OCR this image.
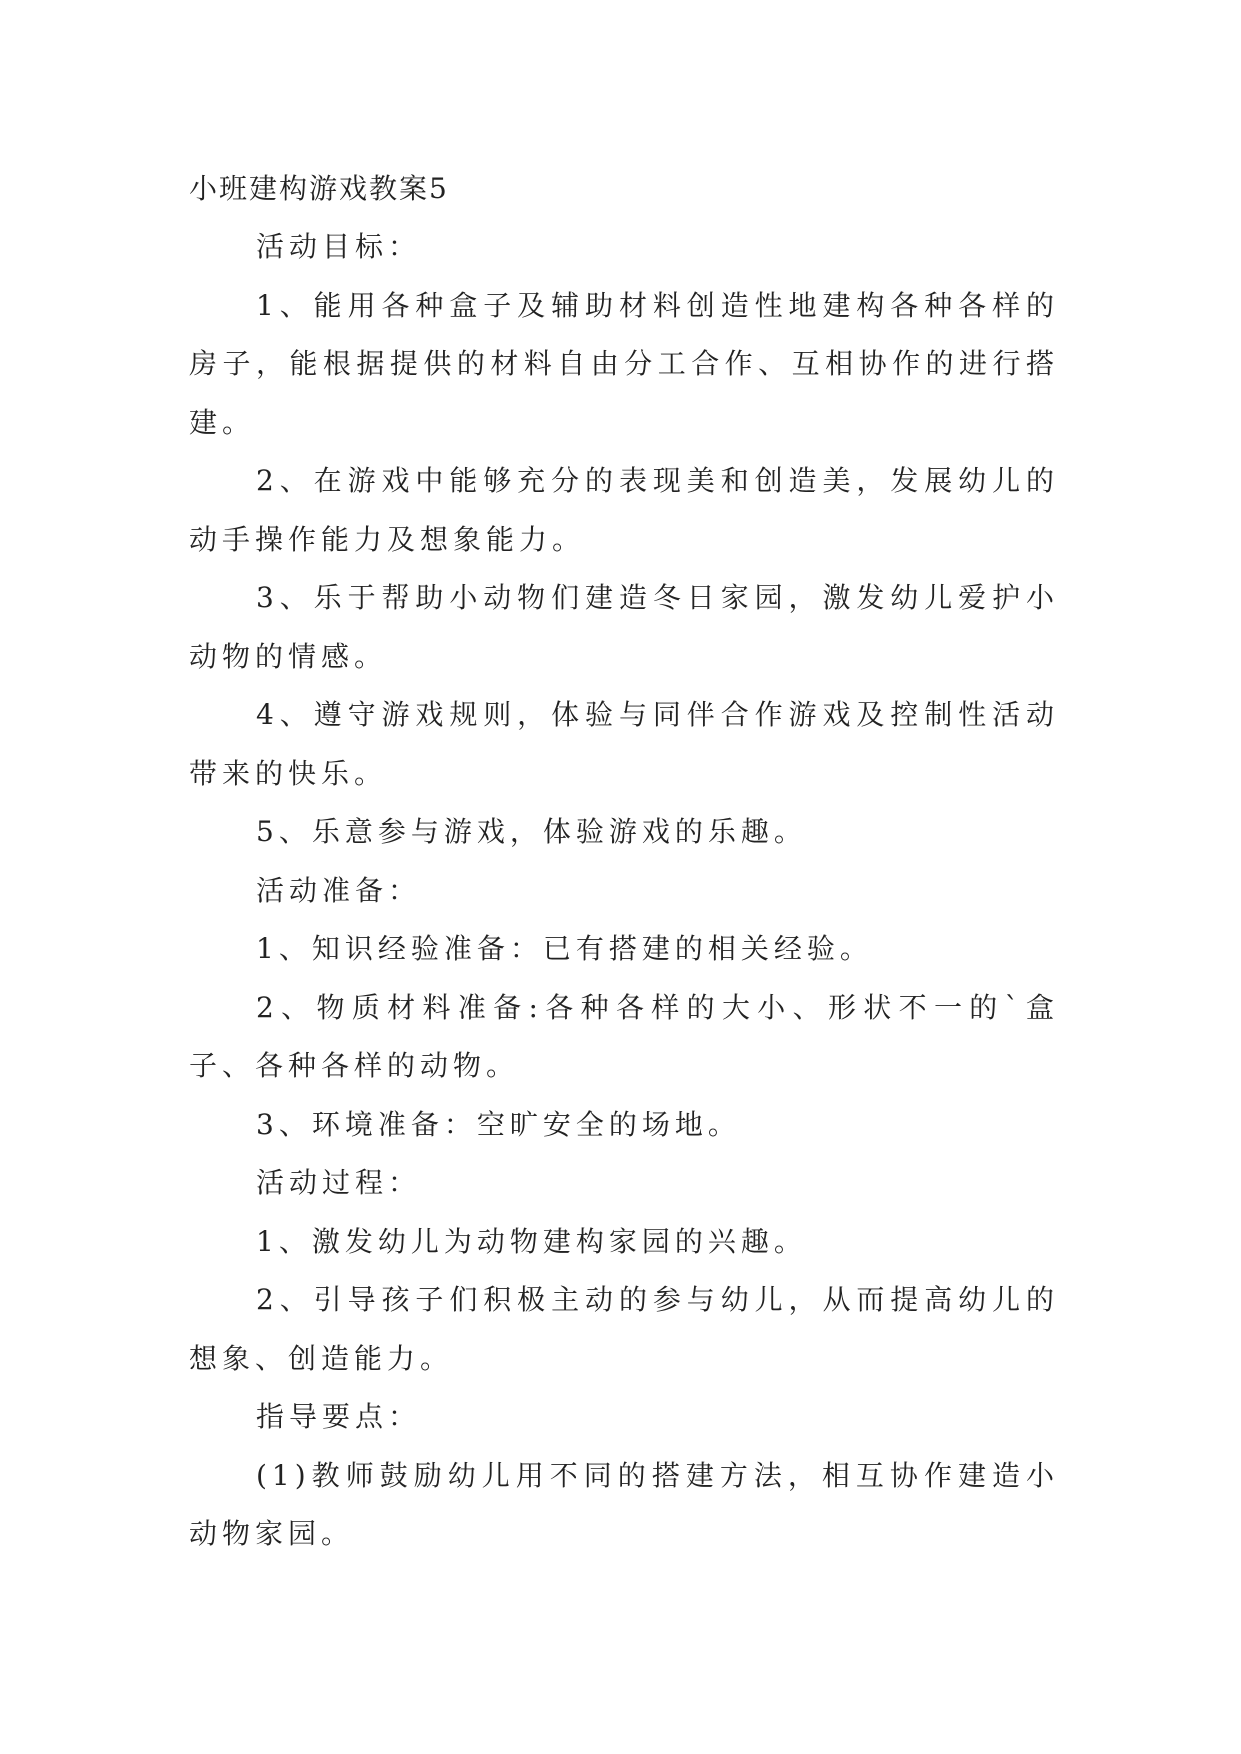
小班建构游戏教案5

活动目标：

1、能用各种盒子及辅助材料创造性地建构各种各样的房子，能根据提供的材料自由分工合作、互相协作的进行搭建。

2、在游戏中能够充分的表现美和创造美，发展幼儿的动手操作能力及想象能力。

3、乐于帮助小动物们建造冬日家园，激发幼儿爱护小动物的情感。

4、遵守游戏规则，体验与同伴合作游戏及控制性活动带来的快乐。

5、乐意参与游戏，体验游戏的乐趣。

活动准备：

1、知识经验准备：已有搭建的相关经验。

2、物质材料准备:各种各样的大小、形状不一的`盒子、各种各样的动物。

3、环境准备：空旷安全的场地。

活动过程：

1、激发幼儿为动物建构家园的兴趣。

2、引导孩子们积极主动的参与幼儿，从而提高幼儿的想象、创造能力。

指导要点：

(1)教师鼓励幼儿用不同的搭建方法，相互协作建造小动物家园。
